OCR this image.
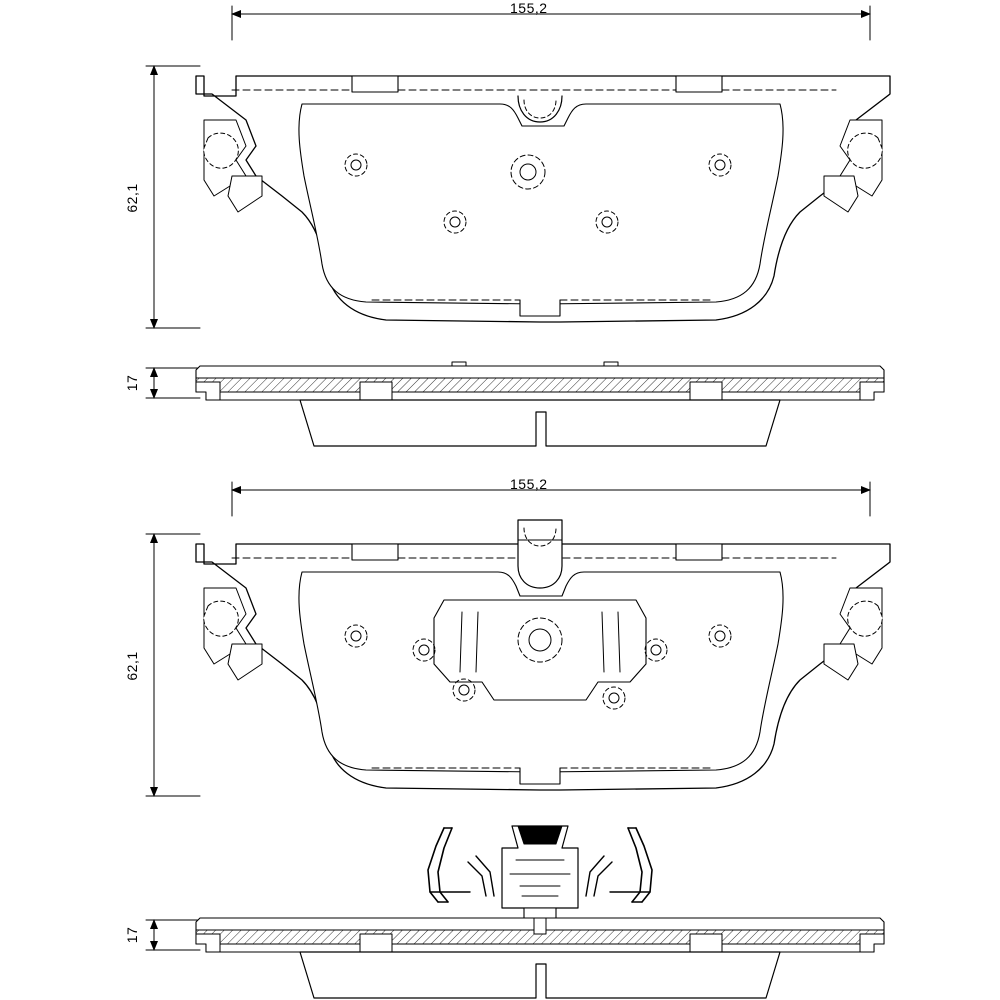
155,2
62,1
17
155,2
62,1
17
